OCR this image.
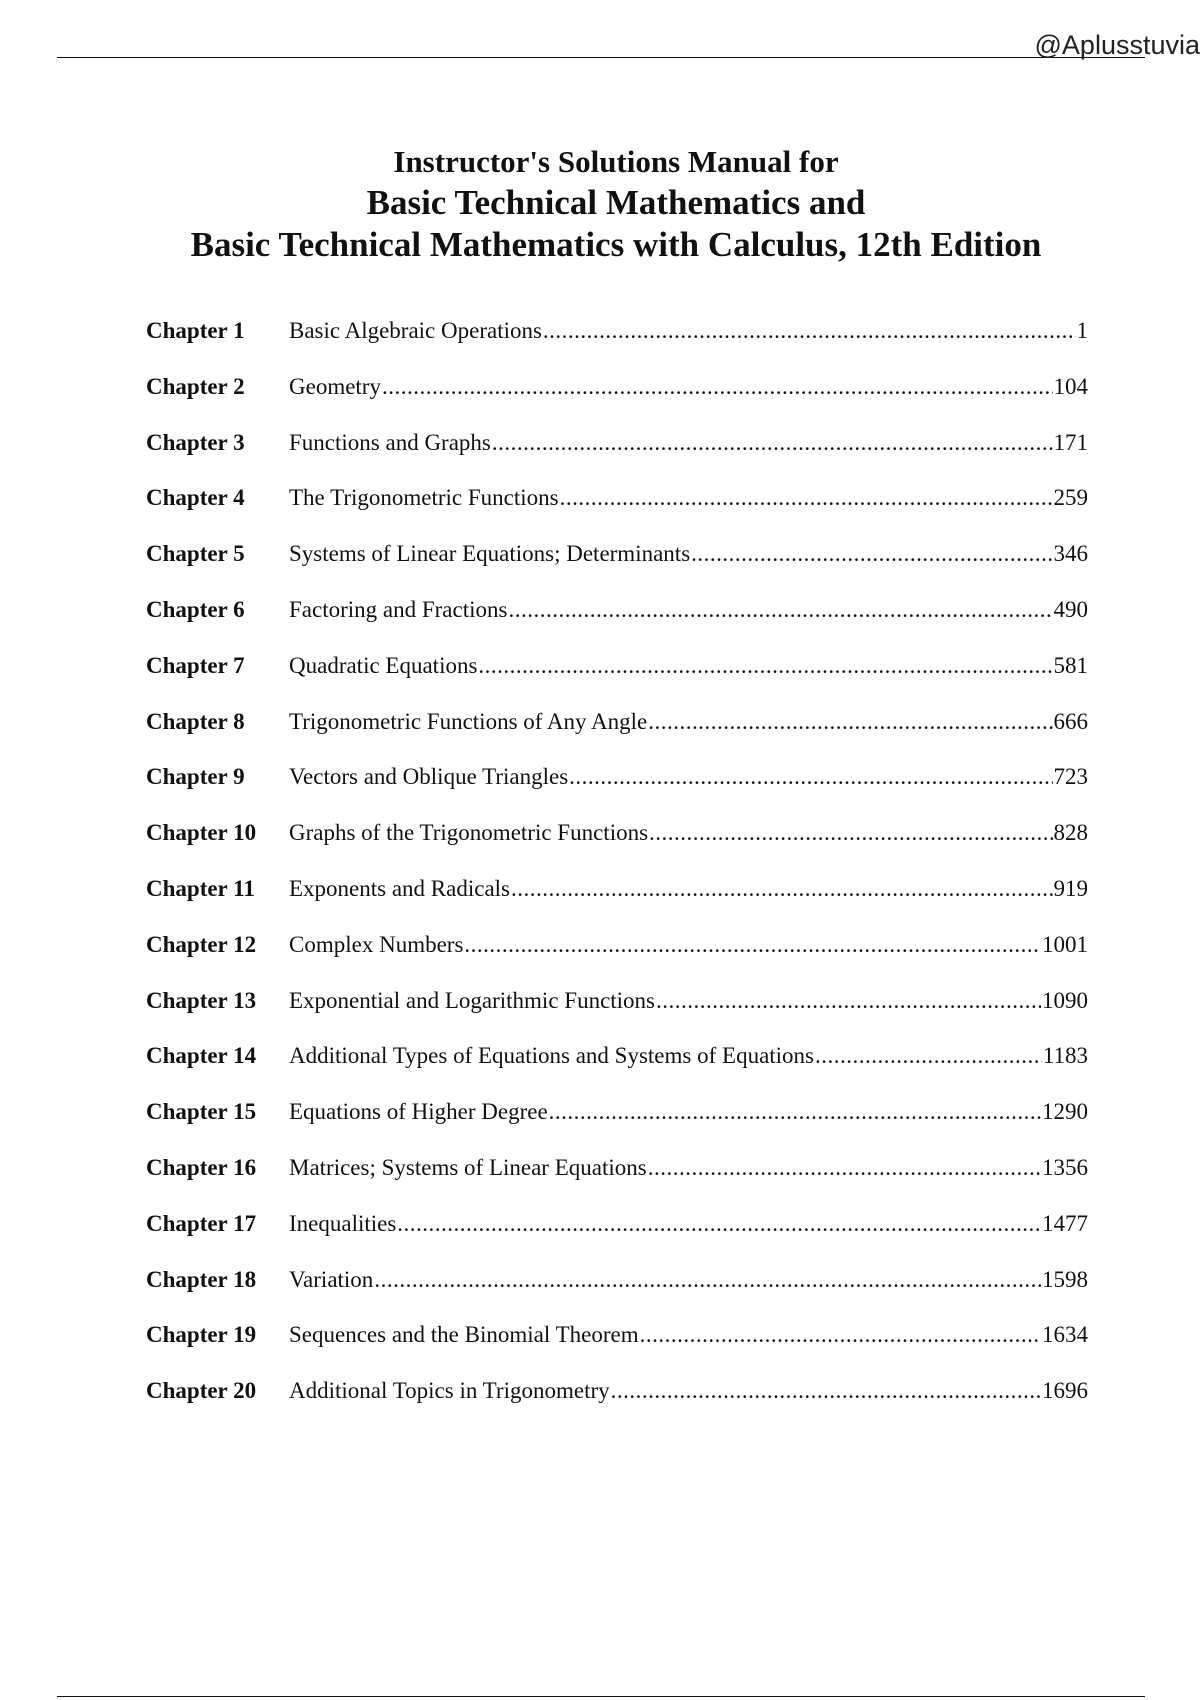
@Aplusstuvia
Instructor's Solutions Manual for
Basic Technical Mathematics and
Basic Technical Mathematics with Calculus, 12th Edition
Chapter 1	Basic Algebraic Operations .....	1
Chapter 2	Geometry .....	104
Chapter 3	Functions and Graphs .....	171
Chapter 4	The Trigonometric Functions .....	259
Chapter 5	Systems of Linear Equations; Determinants .....	346
Chapter 6	Factoring and Fractions .....	490
Chapter 7	Quadratic Equations .....	581
Chapter 8	Trigonometric Functions of Any Angle .....	666
Chapter 9	Vectors and Oblique Triangles .....	723
Chapter 10	Graphs of the Trigonometric Functions .....	828
Chapter 11	Exponents and Radicals .....	919
Chapter 12	Complex Numbers .....	1001
Chapter 13	Exponential and Logarithmic Functions .....	1090
Chapter 14	Additional Types of Equations and Systems of Equations .....	1183
Chapter 15	Equations of Higher Degree .....	1290
Chapter 16	Matrices; Systems of Linear Equations .....	1356
Chapter 17	Inequalities .....	1477
Chapter 18	Variation .....	1598
Chapter 19	Sequences and the Binomial Theorem .....	1634
Chapter 20	Additional Topics in Trigonometry .....	1696
